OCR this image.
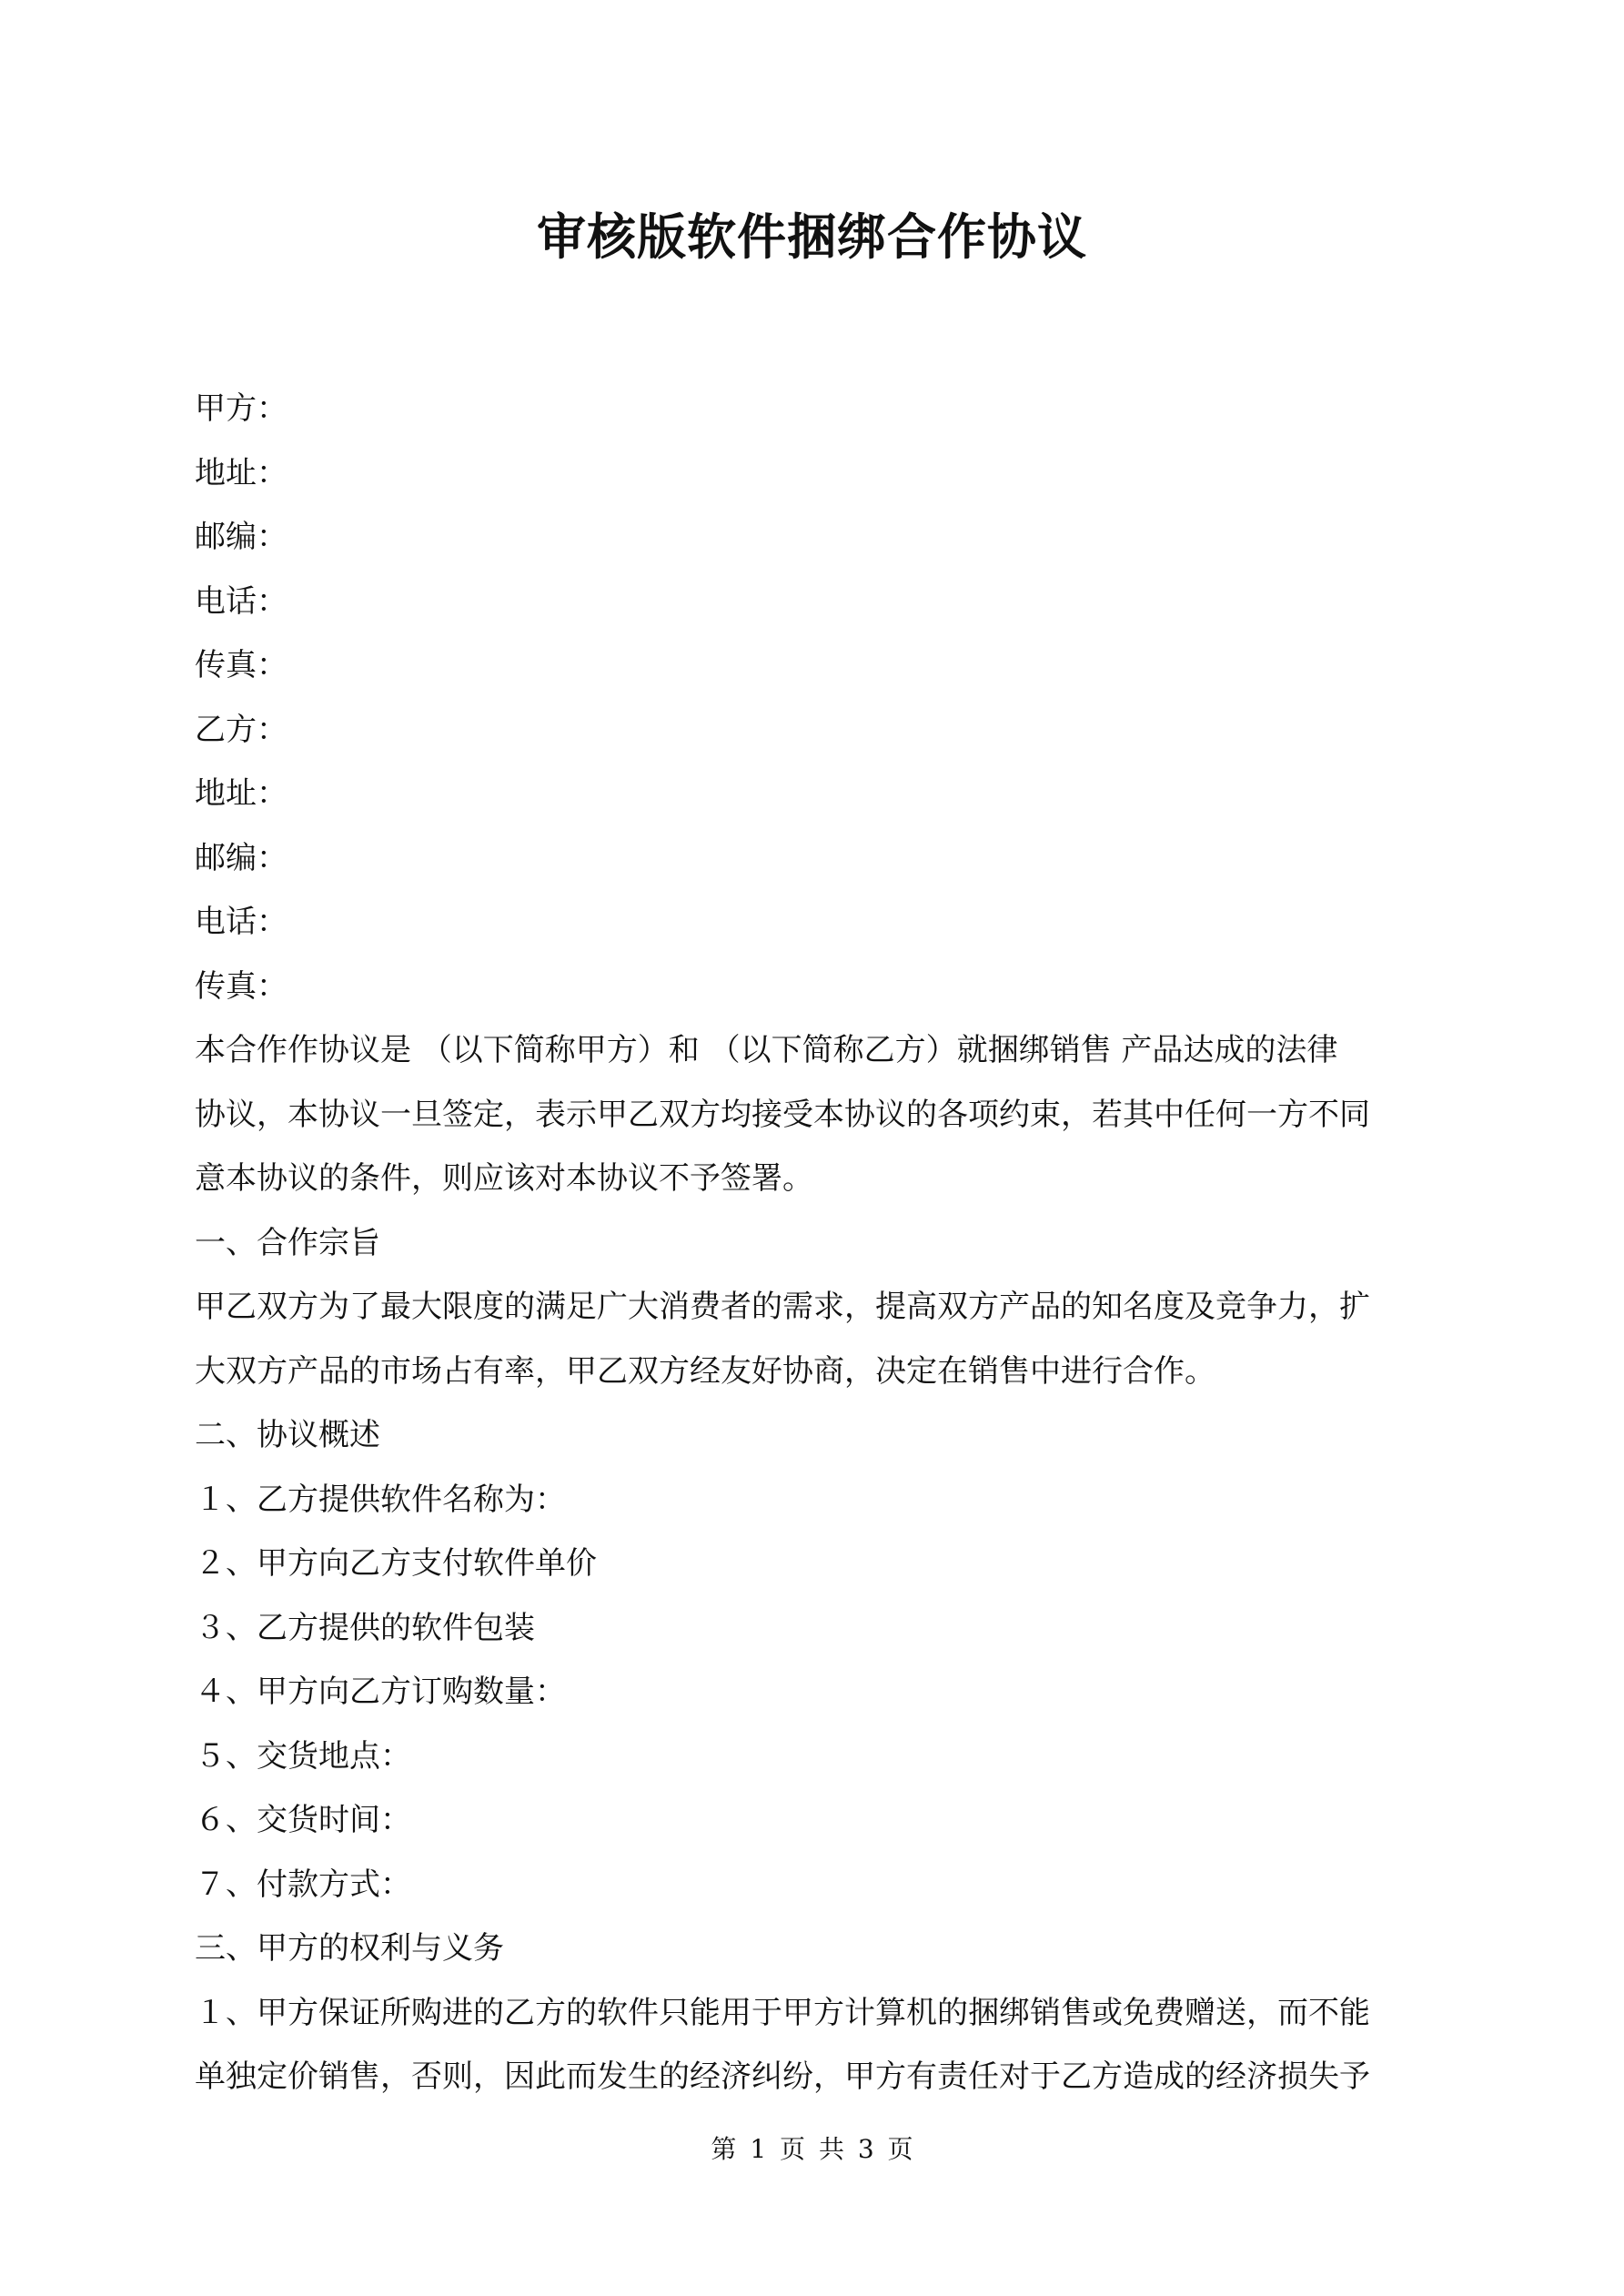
审核版软件捆绑合作协议

甲方：

地址：

邮编：

电话：

传真：

乙方：

地址：

邮编：

电话：

传真：

本合作作协议是 （以下简称甲方）和 （以下简称乙方）就捆绑销售 产品达成的法律

协议，本协议一旦签定，表示甲乙双方均接受本协议的各项约束，若其中任何一方不同

意本协议的条件，则应该对本协议不予签署。

一、合作宗旨

甲乙双方为了最大限度的满足广大消费者的需求，提高双方产品的知名度及竞争力，扩

大双方产品的市场占有率，甲乙双方经友好协商，决定在销售中进行合作。

二、协议概述

１、乙方提供软件名称为：

２、甲方向乙方支付软件单价

３、乙方提供的软件包装

４、甲方向乙方订购数量：

５、交货地点：

６、交货时间：

７、付款方式：

三、甲方的权利与义务

１、甲方保证所购进的乙方的软件只能用于甲方计算机的捆绑销售或免费赠送，而不能

单独定价销售，否则，因此而发生的经济纠纷，甲方有责任对于乙方造成的经济损失予

第 1 页 共 3 页
